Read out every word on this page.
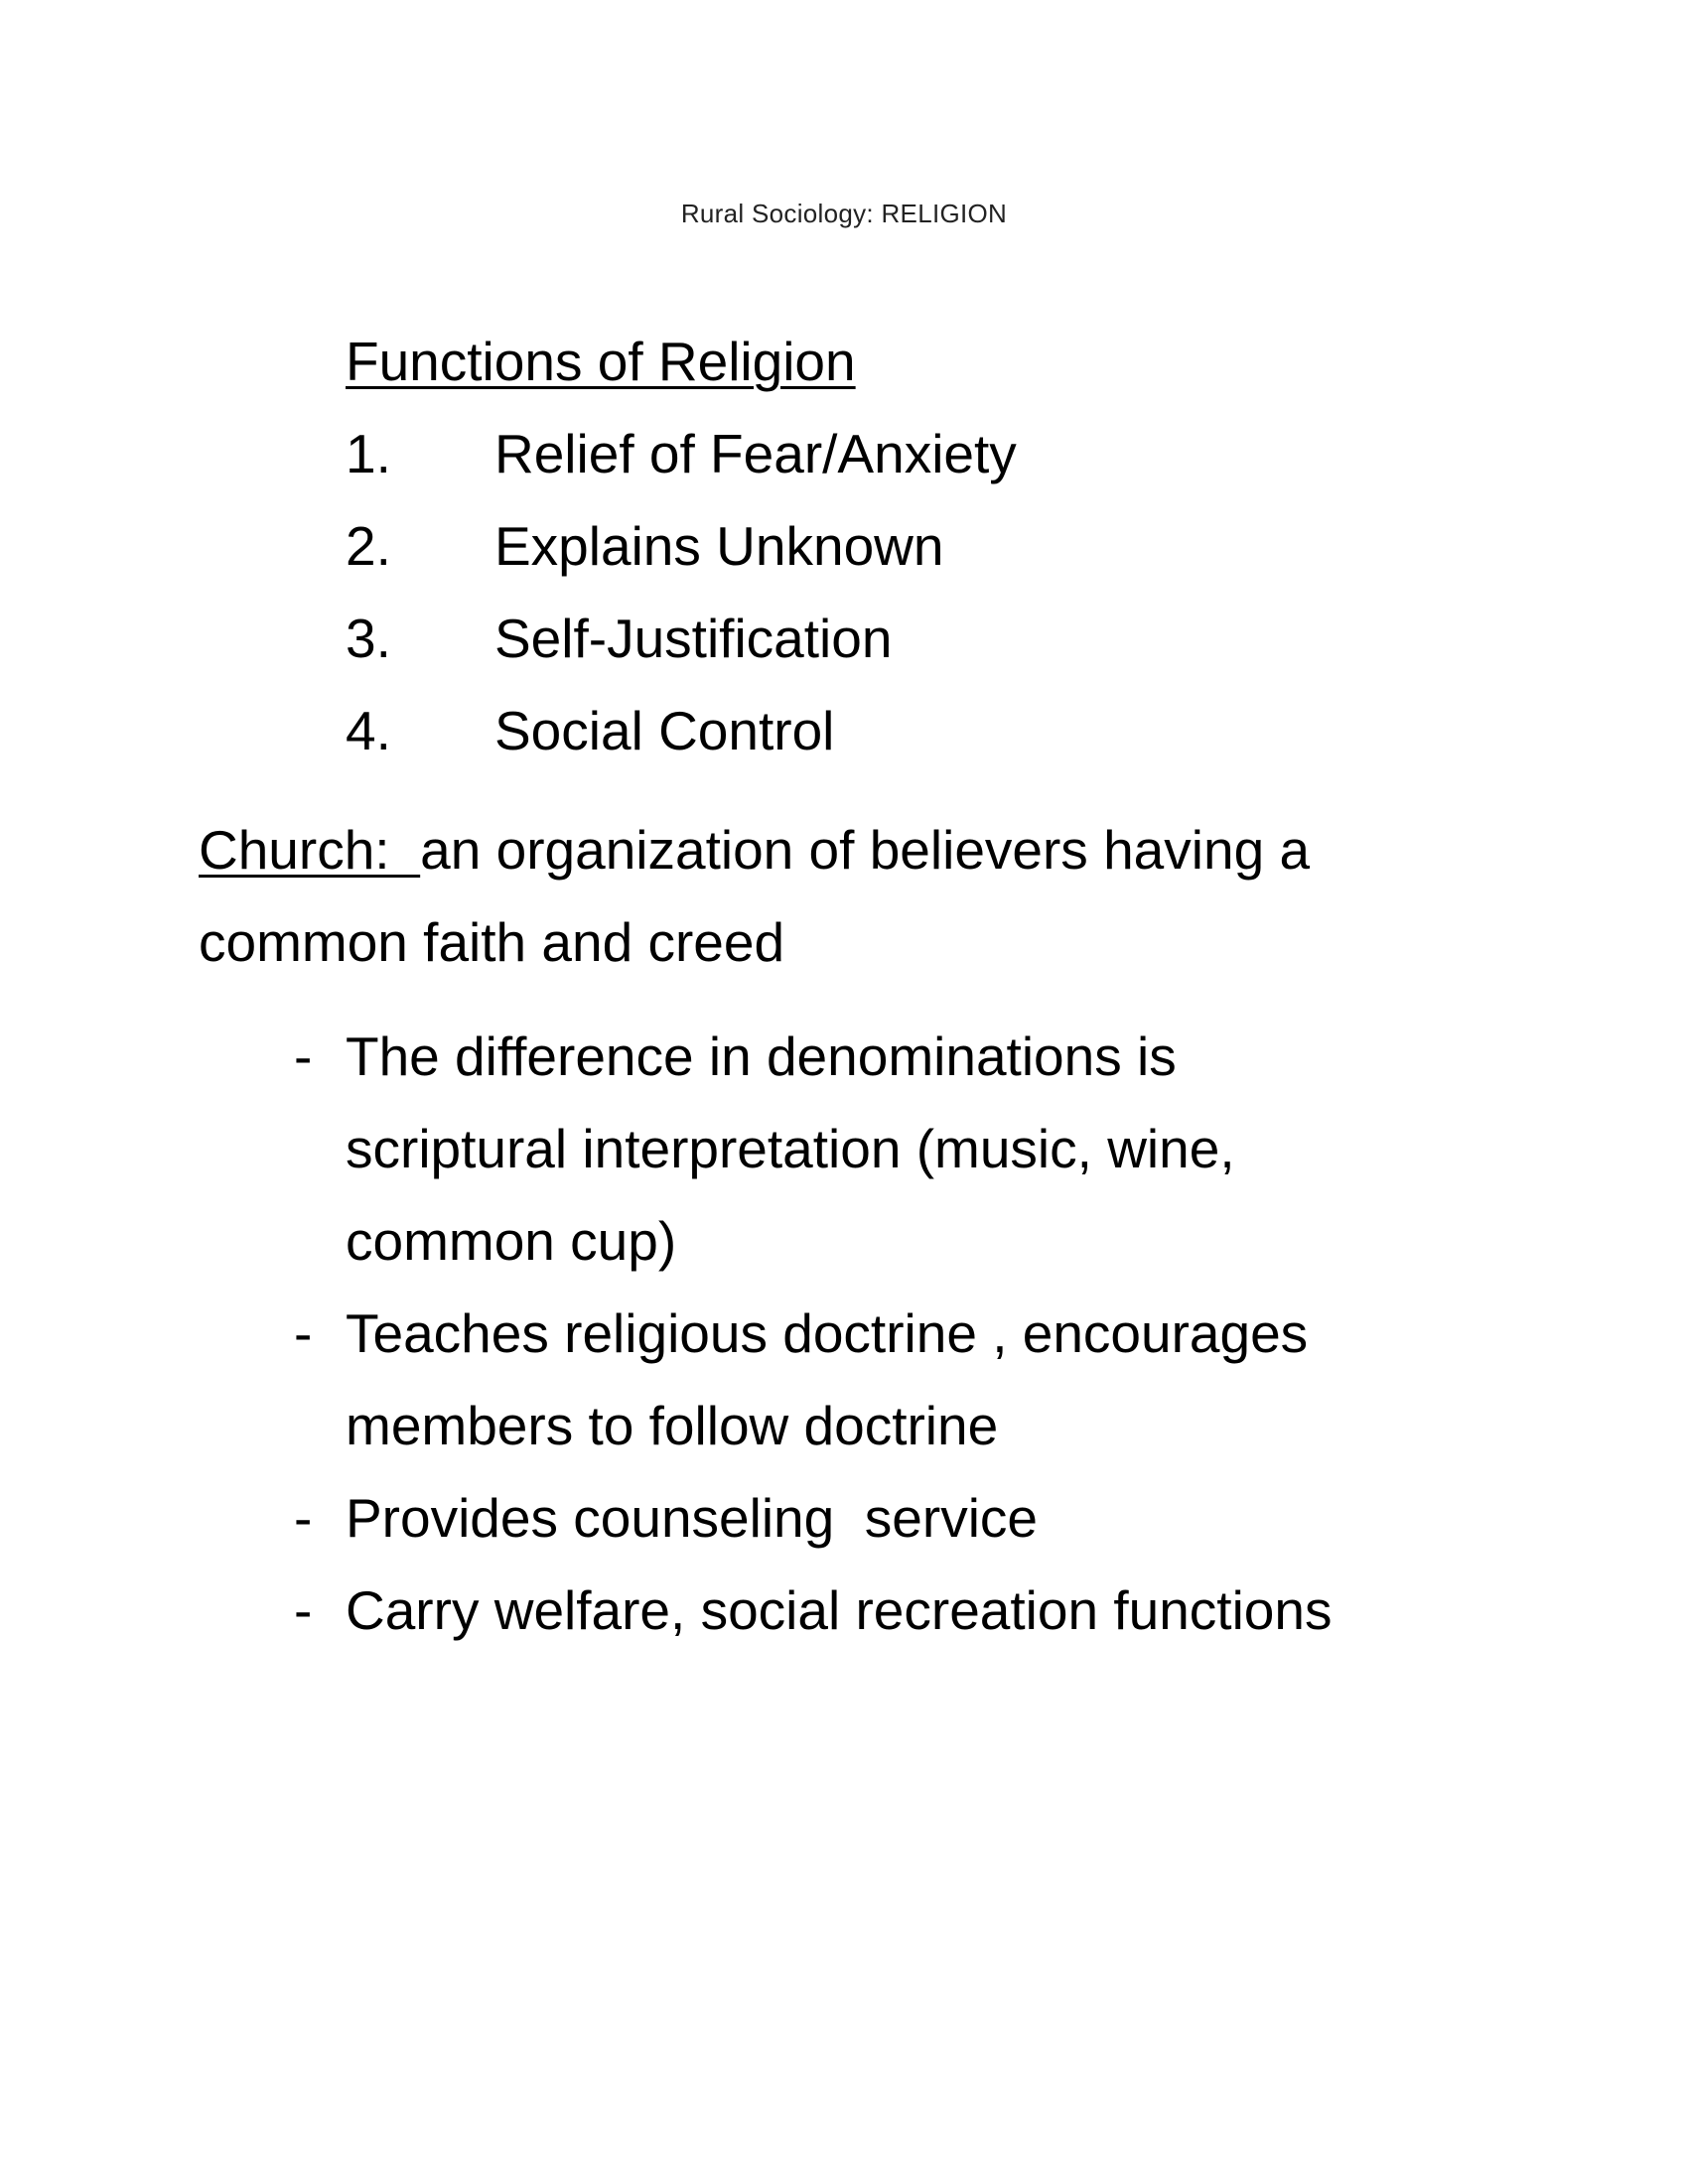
Rural Sociology: RELIGION
Functions of Religion
1.	Relief of Fear/Anxiety
2.	Explains Unknown
3.	Self-Justification
4.	Social Control
Church:  an organization of believers having a
common faith and creed
- The difference in denominations is
scriptural interpretation (music, wine,
common cup)
- Teaches religious doctrine , encourages
members to follow doctrine
- Provides counseling  service
- Carry welfare, social recreation functions
